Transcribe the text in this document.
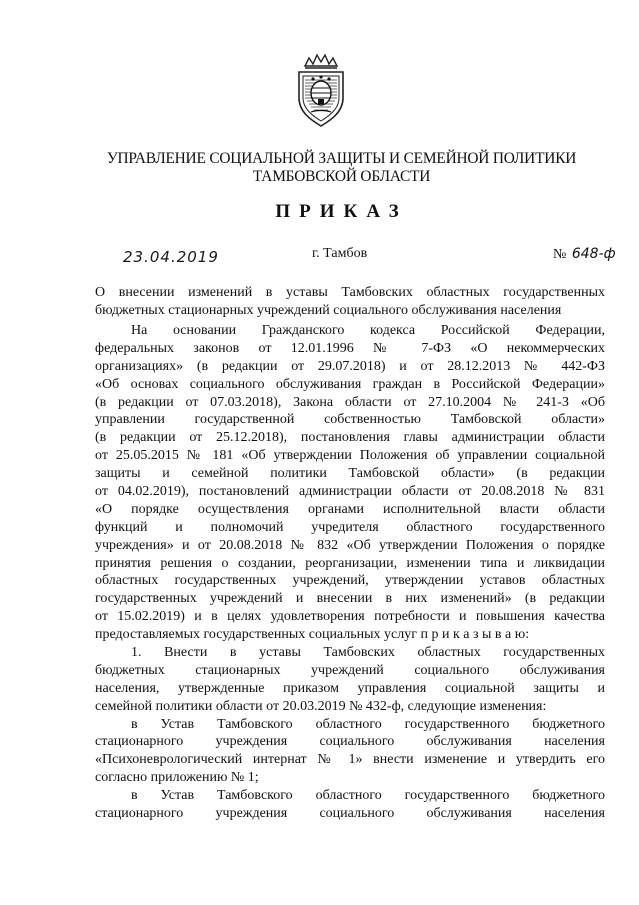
УПРАВЛЕНИЕ СОЦИАЛЬНОЙ ЗАЩИТЫ И СЕМЕЙНОЙ ПОЛИТИКИ
ТАМБОВСКОЙ ОБЛАСТИ
ПРИКАЗ
23.04.2019	г. Тамбов	№ 648-ф
О внесении изменений в уставы Тамбовских областных государственных
бюджетных стационарных учреждений социального обслуживания населения
На основании Гражданского кодекса Российской Федерации,
федеральных законов от 12.01.1996 № 7-ФЗ «О некоммерческих
организациях» (в редакции от 29.07.2018) и от 28.12.2013 № 442-ФЗ
«Об основах социального обслуживания граждан в Российской Федерации»
(в редакции от 07.03.2018), Закона области от 27.10.2004 № 241-З «Об
управлении государственной собственностью Тамбовской области»
(в редакции от 25.12.2018), постановления главы администрации области
от 25.05.2015 № 181 «Об утверждении Положения об управлении социальной
защиты и семейной политики Тамбовской области» (в редакции
от 04.02.2019), постановлений администрации области от 20.08.2018 № 831
«О порядке осуществления органами исполнительной власти области
функций и полномочий учредителя областного государственного
учреждения» и от 20.08.2018 № 832 «Об утверждении Положения о порядке
принятия решения о создании, реорганизации, изменении типа и ликвидации
областных государственных учреждений, утверждении уставов областных
государственных учреждений и внесении в них изменений» (в редакции
от 15.02.2019) и в целях удовлетворения потребности и повышения качества
предоставляемых государственных социальных услуг п р и к а з ы в а ю:
1. Внести в уставы Тамбовских областных государственных
бюджетных стационарных учреждений социального обслуживания
населения, утвержденные приказом управления социальной защиты и
семейной политики области от 20.03.2019 № 432-ф, следующие изменения:
в Устав Тамбовского областного государственного бюджетного
стационарного учреждения социального обслуживания населения
«Психоневрологический интернат № 1» внести изменение и утвердить его
согласно приложению № 1;
в Устав Тамбовского областного государственного бюджетного
стационарного учреждения социального обслуживания населения
